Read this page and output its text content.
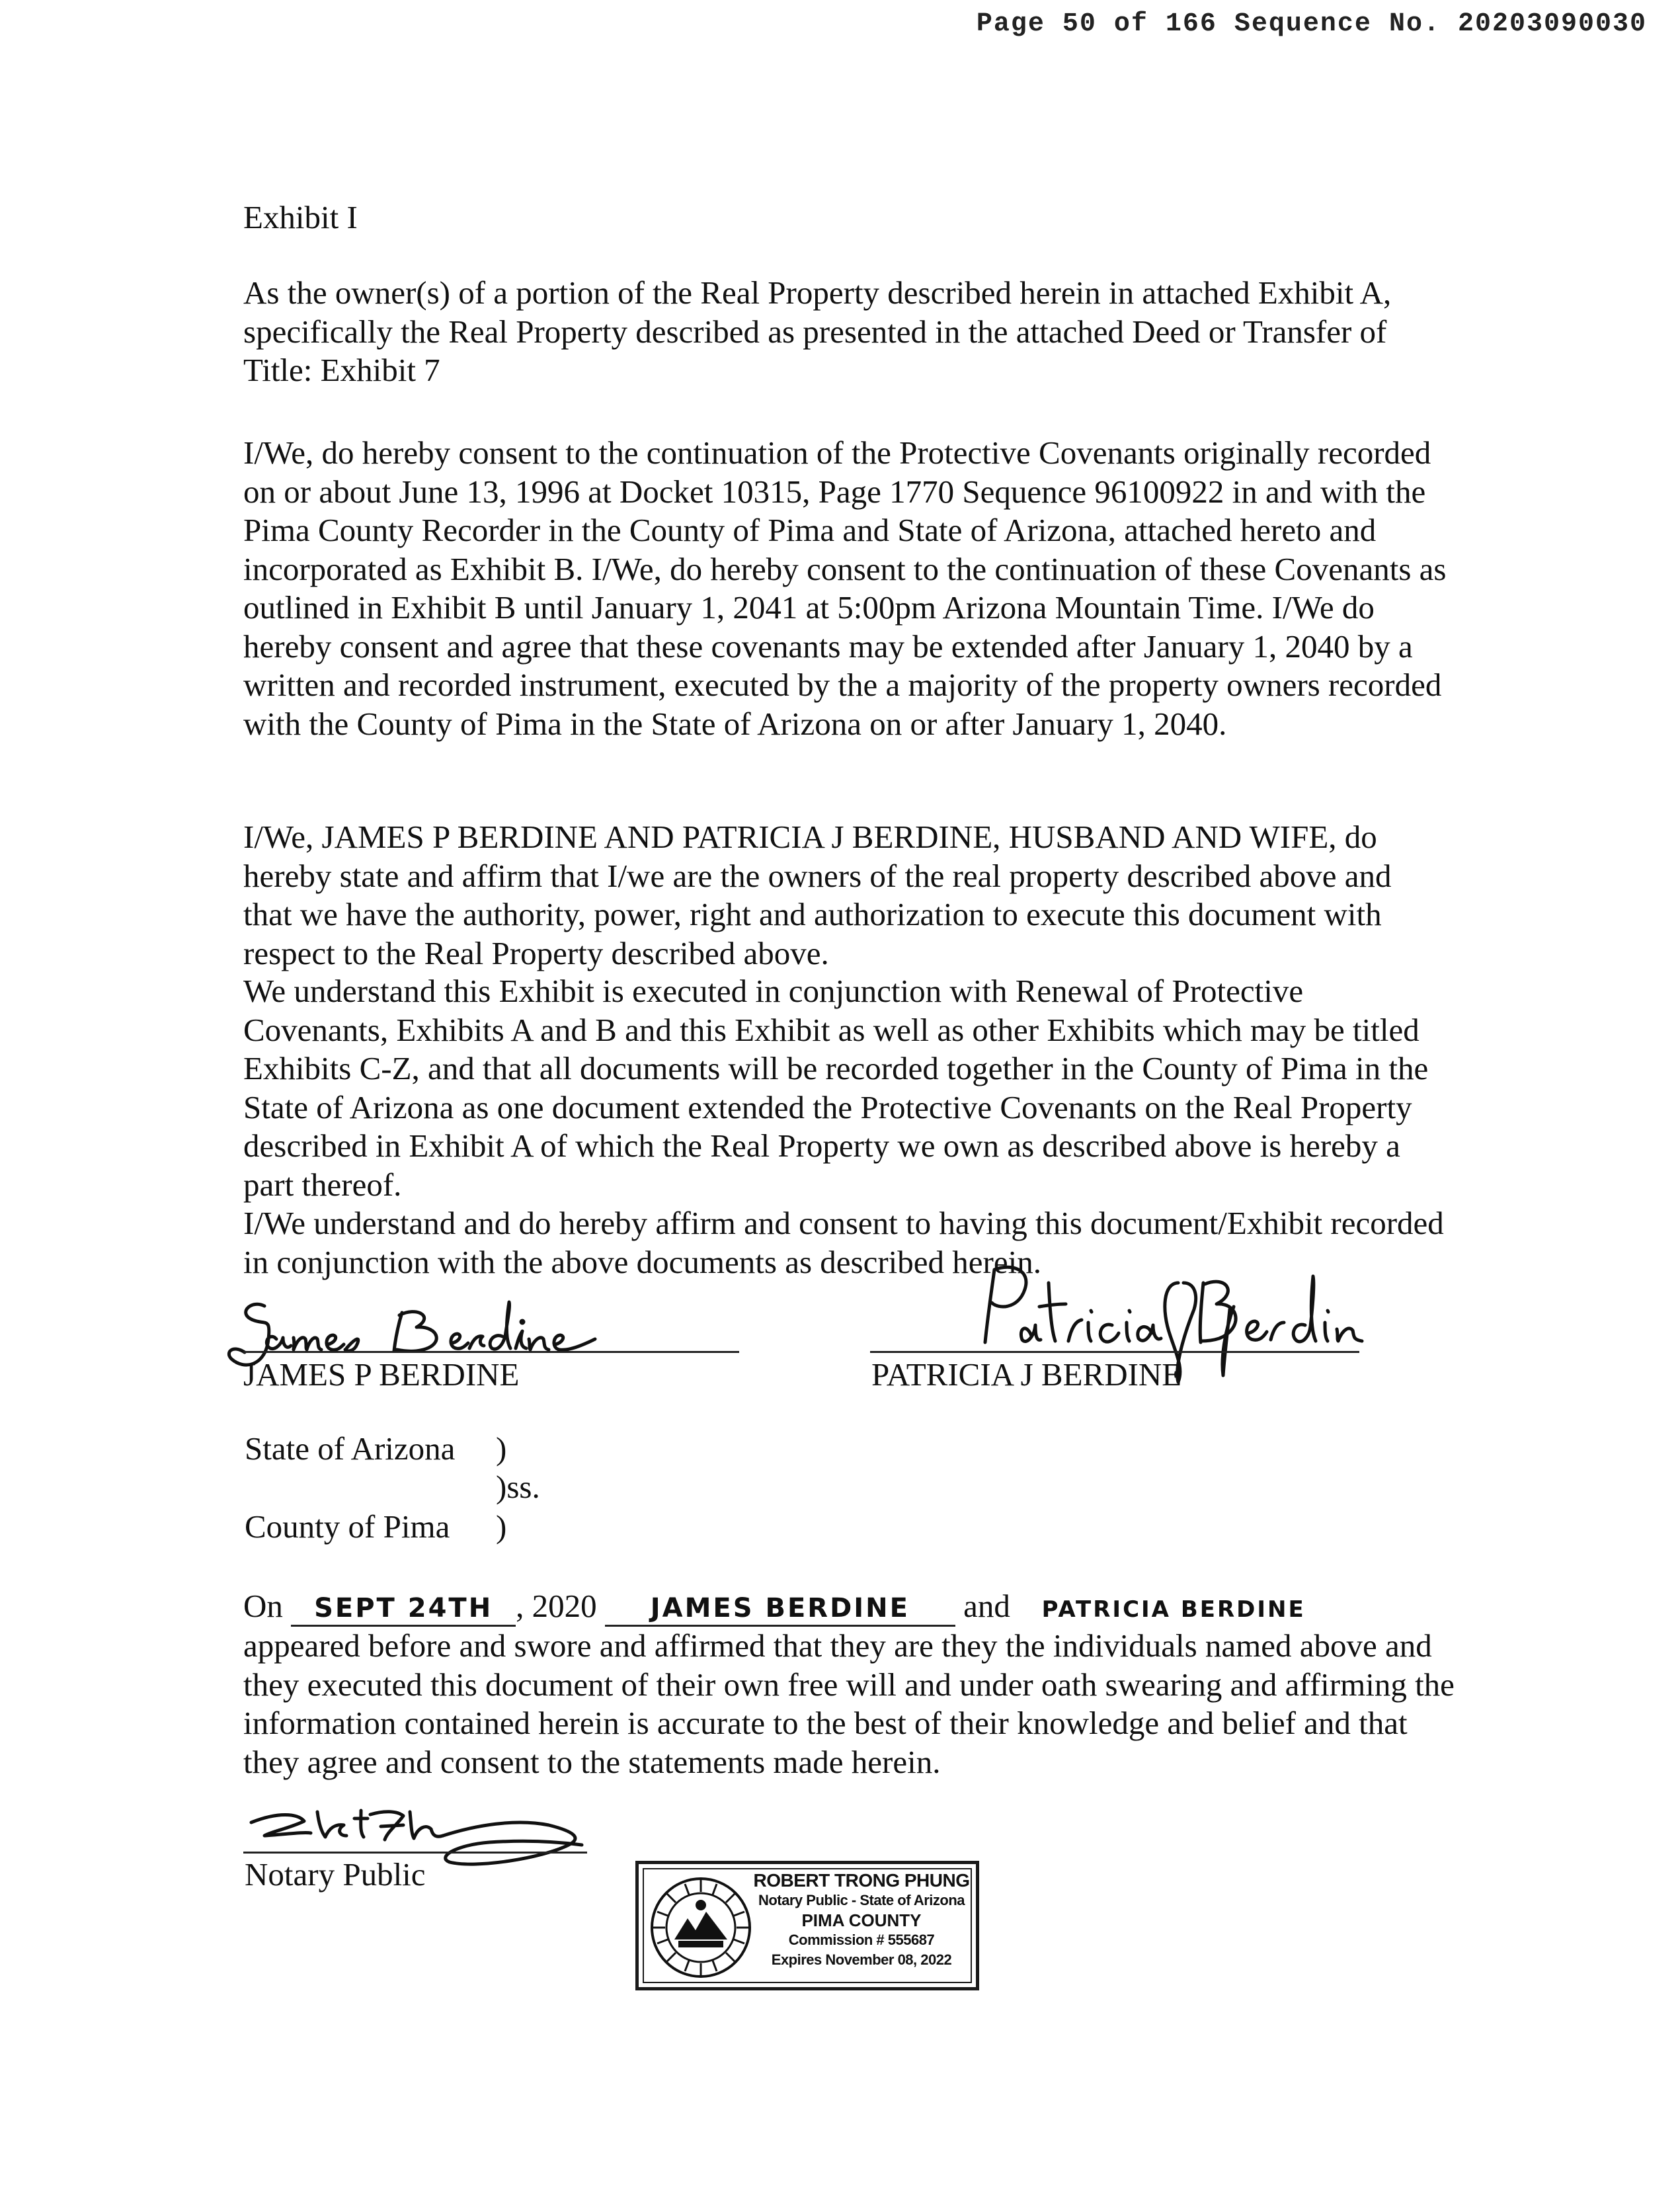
Page 50 of 166 Sequence No. 20203090030

Exhibit I

As the owner(s) of a portion of the Real Property described herein in attached Exhibit A, specifically the Real Property described as presented in the attached Deed or Transfer of Title: Exhibit 7

I/We, do hereby consent to the continuation of the Protective Covenants originally recorded on or about June 13, 1996 at Docket 10315, Page 1770 Sequence 96100922 in and with the Pima County Recorder in the County of Pima and State of Arizona, attached hereto and incorporated as Exhibit B. I/We, do hereby consent to the continuation of these Covenants as outlined in Exhibit B until January 1, 2041 at 5:00pm Arizona Mountain Time. I/We do hereby consent and agree that these covenants may be extended after January 1, 2040 by a written and recorded instrument, executed by the a majority of the property owners recorded with the County of Pima in the State of Arizona on or after January 1, 2040.

I/We, JAMES P BERDINE AND PATRICIA J BERDINE, HUSBAND AND WIFE, do hereby state and affirm that I/we are the owners of the real property described above and that we have the authority, power, right and authorization to execute this document with respect to the Real Property described above.

We understand this Exhibit is executed in conjunction with Renewal of Protective Covenants, Exhibits A and B and this Exhibit as well as other Exhibits which may be titled Exhibits C-Z, and that all documents will be recorded together in the County of Pima in the State of Arizona as one document extended the Protective Covenants on the Real Property described in Exhibit A of which the Real Property we own as described above is hereby a part thereof.

I/We understand and do hereby affirm and consent to having this document/Exhibit recorded in conjunction with the above documents as described herein.

JAMES P BERDINE	PATRICIA J BERDINE
State of Arizona )
)ss.
County of Pima )
On SEPT 24TH , 2020 JAMES BERDINE and PATRICIA BERDINE
appeared before and swore and affirmed that they are they the individuals named above and they executed this document of their own free will and under oath swearing and affirming the information contained herein is accurate to the best of their knowledge and belief and that they agree and consent to the statements made herein.
Notary Public	ROBERT TRONG PHUNG
Notary Public - State of Arizona
PIMA COUNTY
Commission # 555687
Expires November 08, 2022
